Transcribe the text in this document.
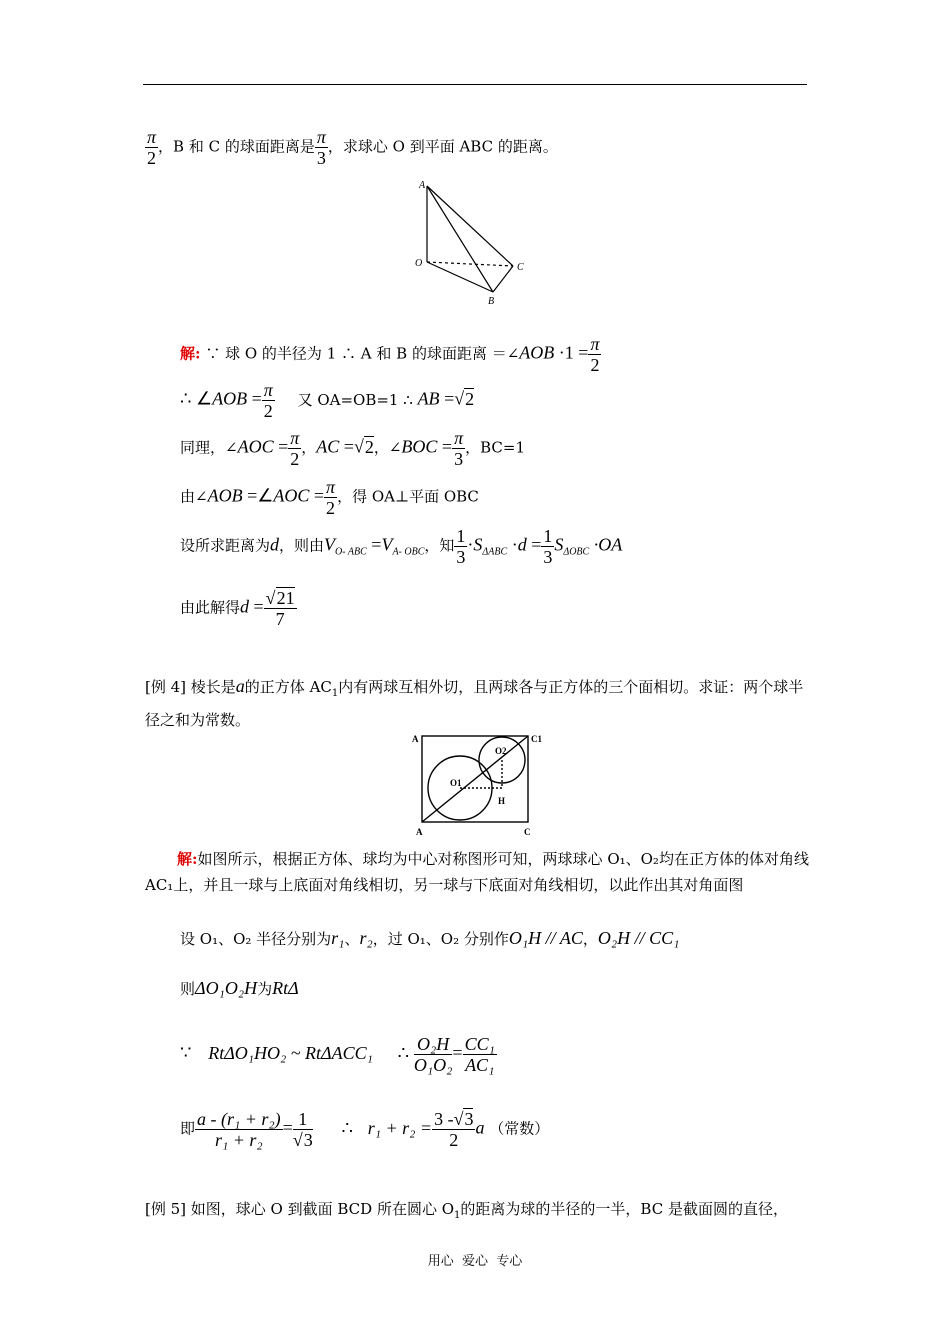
$\frac{\pi}{2}$ ，B 和 C 的球面距离是 $\frac{\pi}{3}$ ，求球心 O 到平面 ABC 的距离。
A
O	C
B
解: ∵ 球 O 的半径为 1 ∴ A 和 B 的球面距离 ＝∠AOB $\cdot 1 = \frac{\pi}{2}$
∴ ∠AOB = $\frac{\pi}{2}$ 又 OA=OB=1 ∴ AB =√2
同理，∠AOC = $\frac{\pi}{2}$ ，AC =√2，∠BOC = $\frac{\pi}{3}$ ，BC=1
由∠AOB =∠AOC = $\frac{\pi}{2}$ ，得 OA⊥平面 OBC
设所求距离为d，则由$V_{O- ABC} =V_{A- OBC}$，知 $\frac{1}{3} \cdot S_{\Delta ABC} \cdot d = \frac{1}{3} S_{\Delta OBC} \cdot OA$
由此解得$d = \frac{√21}{7}$
[例 4] 棱长是a的正方体 $AC_1$内有两球互相外切，且两球各与正方体的三个面相切。求证：两个球半径之和为常数。
A	C1
O2
O1
H
A	C
解:如图所示，根据正方体、球均为中心对称图形可知，两球球心 O₁、O₂均在正方体的体对角线 AC₁上，并且一球与上底面对角线相切，另一球与下底面对角线相切，以此作出其对角面图
设 O₁、O₂ 半径分别为r₁、r₂，过 O₁、O₂ 分别作O₁H // AC，O₂H // CC₁
则ΔO₁O₂H为RtΔ
∵ RtΔO₁HO₂ ~ RtΔACC₁ ∴ $\frac{\text{O₂H}}{\text{O₁O₂}} = \frac{\text{CC₁}}{\text{AC₁}}$
即 $\frac{\text{a - (r₁ + r₂)}}{\text{r₁ + r₂}} = \frac{1}{√3}$ ∴ $r_1 + r_2 = \frac{3 -√3}{2}$ a （常数）
[例 5] 如图，球心 O 到截面 BCD 所在圆心 $O_1$的距离为球的半径的一半，BC 是截面圆的直径，
用心  爱心  专心
